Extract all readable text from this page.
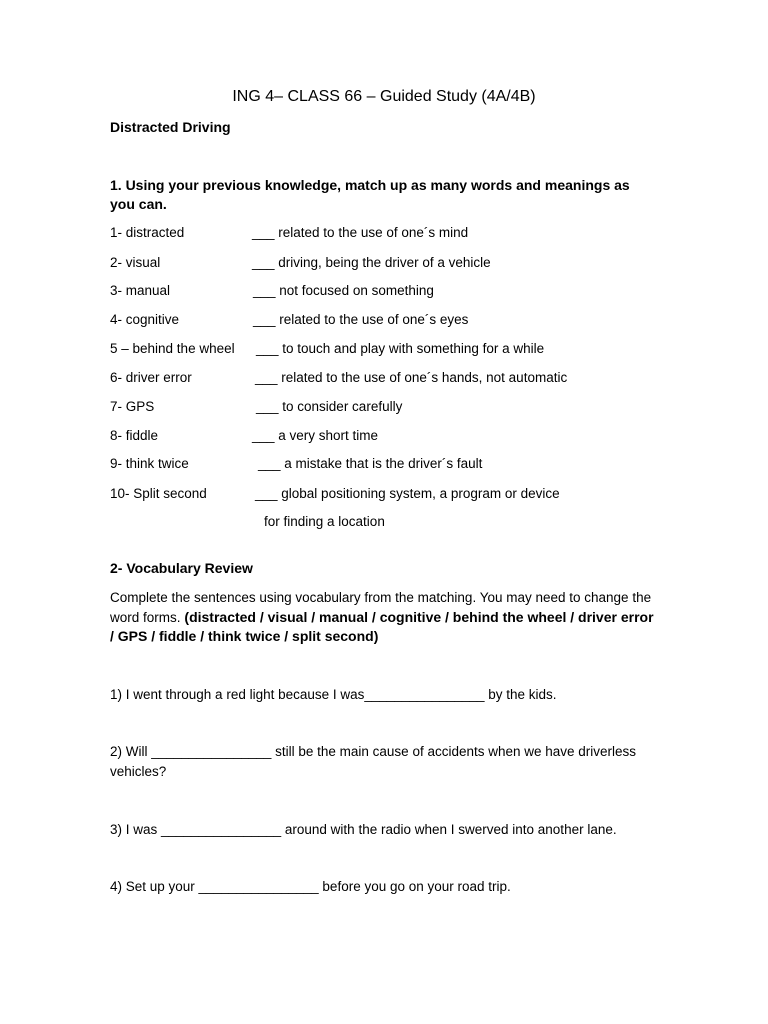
ING 4– CLASS 66 – Guided Study (4A/4B)
Distracted Driving
1. Using your previous knowledge, match up as many words and meanings as you can.
1- distracted	___ related to the use of one´s mind
2- visual	___ driving, being the driver of a vehicle
3- manual	___ not focused on something
4- cognitive	___ related to the use of one´s eyes
5 – behind the wheel ___ to touch and play with something for a while
6- driver error	___ related to the use of one´s hands, not automatic
7- GPS	___ to consider carefully
8- fiddle	___ a very short time
9- think twice	___ a mistake that is the driver´s fault
10- Split second	___ global positioning system, a program or device
for finding a location
2- Vocabulary Review
Complete the sentences using vocabulary from the matching. You may need to change the word forms. (distracted / visual / manual / cognitive / behind the wheel / driver error / GPS / fiddle / think twice / split second)
1) I went through a red light because I was________________ by the kids.
2) Will ________________ still be the main cause of accidents when we have driverless vehicles?
3) I was ________________ around with the radio when I swerved into another lane.
4) Set up your ________________ before you go on your road trip.
